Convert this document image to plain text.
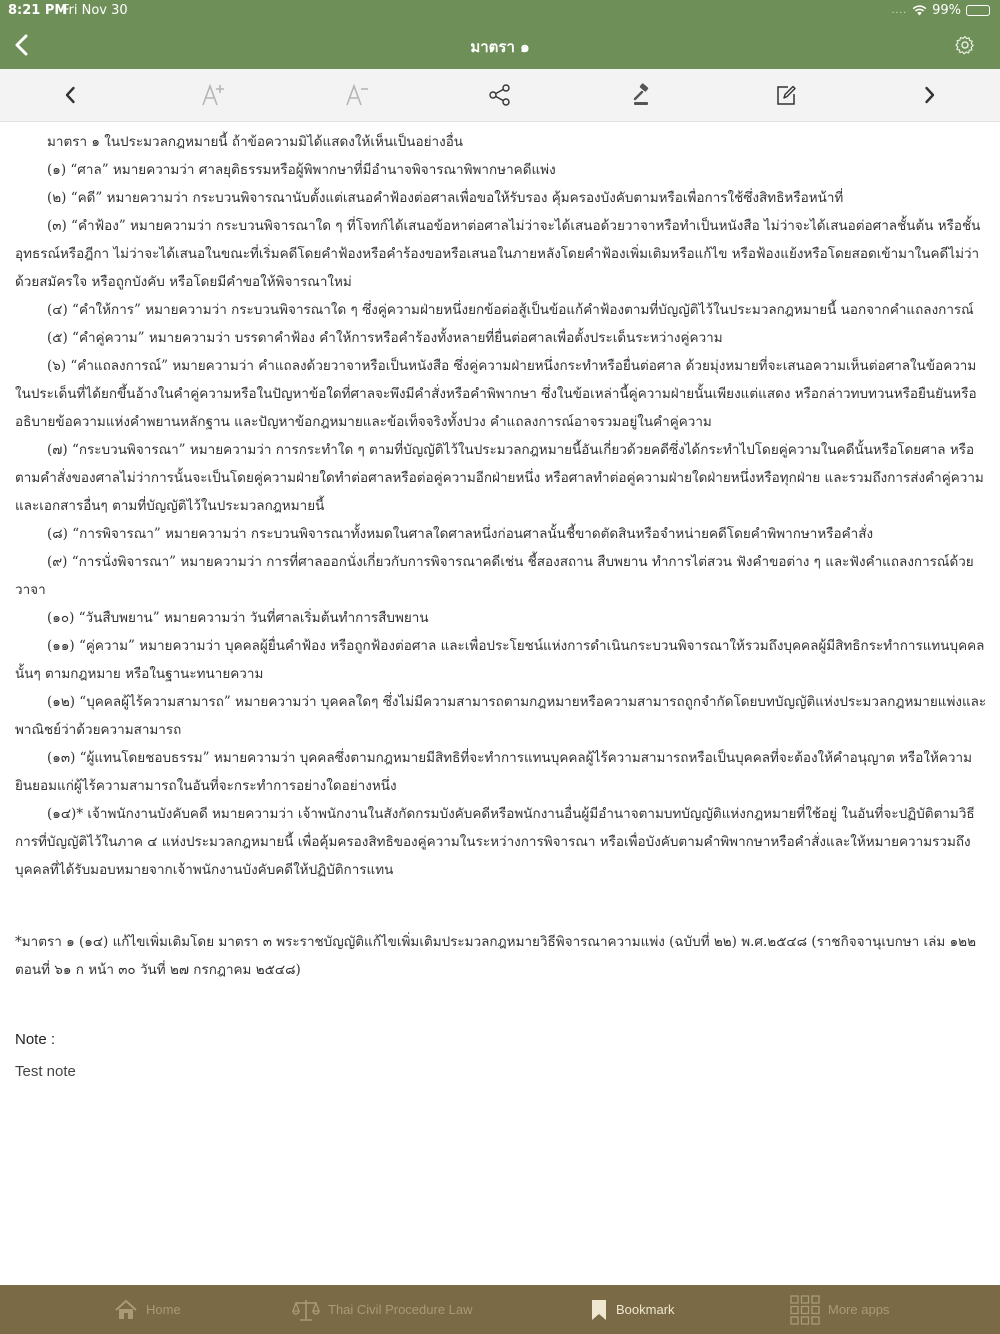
8:21 PM
Fri Nov 30	.... 99%
มาตรา ๑
มาตรา ๑ ในประมวลกฎหมายนี้ ถ้าข้อความมิได้แสดงให้เห็นเป็นอย่างอื่น
(๑) “ศาล” หมายความว่า ศาลยุติธรรมหรือผู้พิพากษาที่มีอำนาจพิจารณาพิพากษาคดีแพ่ง
(๒) “คดี” หมายความว่า กระบวนพิจารณานับตั้งแต่เสนอคำฟ้องต่อศาลเพื่อขอให้รับรอง คุ้มครองบังคับตามหรือเพื่อการใช้ซึ่งสิทธิหรือหน้าที่
(๓) “คำฟ้อง” หมายความว่า กระบวนพิจารณาใด ๆ ที่โจทก์ได้เสนอข้อหาต่อศาลไม่ว่าจะได้เสนอด้วยวาจาหรือทำเป็นหนังสือ ไม่ว่าจะได้เสนอต่อศาลชั้นต้น หรือชั้นอุทธรณ์หรือฎีกา ไม่ว่าจะได้เสนอในขณะที่เริ่มคดีโดยคำฟ้องหรือคำร้องขอหรือเสนอในภายหลังโดยคำฟ้องเพิ่มเติมหรือแก้ไข หรือฟ้องแย้งหรือโดยสอดเข้ามาในคดีไม่ว่าด้วยสมัครใจ หรือถูกบังคับ หรือโดยมีคำขอให้พิจารณาใหม่
(๔) “คำให้การ” หมายความว่า กระบวนพิจารณาใด ๆ ซึ่งคู่ความฝ่ายหนึ่งยกข้อต่อสู้เป็นข้อแก้คำฟ้องตามที่บัญญัติไว้ในประมวลกฎหมายนี้ นอกจากคำแถลงการณ์
(๕) “คำคู่ความ” หมายความว่า บรรดาคำฟ้อง คำให้การหรือคำร้องทั้งหลายที่ยื่นต่อศาลเพื่อตั้งประเด็นระหว่างคู่ความ
(๖) “คำแถลงการณ์” หมายความว่า คำแถลงด้วยวาจาหรือเป็นหนังสือ ซึ่งคู่ความฝ่ายหนึ่งกระทำหรือยื่นต่อศาล ด้วยมุ่งหมายที่จะเสนอความเห็นต่อศาลในข้อความในประเด็นที่ได้ยกขึ้นอ้างในคำคู่ความหรือในปัญหาข้อใดที่ศาลจะพึงมีคำสั่งหรือคำพิพากษา ซึ่งในข้อเหล่านี้คู่ความฝ่ายนั้นเพียงแต่แสดง หรือกล่าวทบทวนหรือยืนยันหรืออธิบายข้อความแห่งคำพยานหลักฐาน และปัญหาข้อกฎหมายและข้อเท็จจริงทั้งปวง คำแถลงการณ์อาจรวมอยู่ในคำคู่ความ
(๗) “กระบวนพิจารณา” หมายความว่า การกระทำใด ๆ ตามที่บัญญัติไว้ในประมวลกฎหมายนี้อันเกี่ยวด้วยคดีซึ่งได้กระทำไปโดยคู่ความในคดีนั้นหรือโดยศาล หรือตามคำสั่งของศาลไม่ว่าการนั้นจะเป็นโดยคู่ความฝ่ายใดทำต่อศาลหรือต่อคู่ความอีกฝ่ายหนึ่ง หรือศาลทำต่อคู่ความฝ่ายใดฝ่ายหนึ่งหรือทุกฝ่าย และรวมถึงการส่งคำคู่ความและเอกสารอื่นๆ ตามที่บัญญัติไว้ในประมวลกฎหมายนี้
(๘) “การพิจารณา” หมายความว่า กระบวนพิจารณาทั้งหมดในศาลใดศาลหนึ่งก่อนศาลนั้นชี้ขาดตัดสินหรือจำหน่ายคดีโดยคำพิพากษาหรือคำสั่ง
(๙) “การนั่งพิจารณา” หมายความว่า การที่ศาลออกนั่งเกี่ยวกับการพิจารณาคดีเช่น ชี้สองสถาน สืบพยาน ทำการไต่สวน ฟังคำขอต่าง ๆ และฟังคำแถลงการณ์ด้วยวาจา
(๑๐) “วันสืบพยาน” หมายความว่า วันที่ศาลเริ่มต้นทำการสืบพยาน
(๑๑) “คู่ความ” หมายความว่า บุคคลผู้ยื่นคำฟ้อง หรือถูกฟ้องต่อศาล และเพื่อประโยชน์แห่งการดำเนินกระบวนพิจารณาให้รวมถึงบุคคลผู้มีสิทธิกระทำการแทนบุคคลนั้นๆ ตามกฎหมาย หรือในฐานะทนายความ
(๑๒) “บุคคลผู้ไร้ความสามารถ” หมายความว่า บุคคลใดๆ ซึ่งไม่มีความสามารถตามกฎหมายหรือความสามารถถูกจำกัดโดยบทบัญญัติแห่งประมวลกฎหมายแพ่งและพาณิชย์ว่าด้วยความสามารถ
(๑๓) “ผู้แทนโดยชอบธรรม” หมายความว่า บุคคลซึ่งตามกฎหมายมีสิทธิที่จะทำการแทนบุคคลผู้ไร้ความสามารถหรือเป็นบุคคลที่จะต้องให้คำอนุญาต หรือให้ความยินยอมแก่ผู้ไร้ความสามารถในอันที่จะกระทำการอย่างใดอย่างหนึ่ง
(๑๔)* เจ้าพนักงานบังคับคดี หมายความว่า เจ้าพนักงานในสังกัดกรมบังคับคดีหรือพนักงานอื่นผู้มีอำนาจตามบทบัญญัติแห่งกฎหมายที่ใช้อยู่ ในอันที่จะปฏิบัติตามวิธีการที่บัญญัติไว้ในภาค ๔ แห่งประมวลกฎหมายนี้ เพื่อคุ้มครองสิทธิของคู่ความในระหว่างการพิจารณา หรือเพื่อบังคับตามคำพิพากษาหรือคำสั่งและให้หมายความรวมถึงบุคคลที่ได้รับมอบหมายจากเจ้าพนักงานบังคับคดีให้ปฏิบัติการแทน
*มาตรา ๑ (๑๔) แก้ไขเพิ่มเติมโดย มาตรา ๓ พระราชบัญญัติแก้ไขเพิ่มเติมประมวลกฎหมายวิธีพิจารณาความแพ่ง (ฉบับที่ ๒๒) พ.ศ.๒๕๔๘ (ราชกิจจานุเบกษา เล่ม ๑๒๒ ตอนที่ ๖๑ ก หน้า ๓๐ วันที่ ๒๗ กรกฎาคม ๒๕๔๘)
Note :
Test note
Home	Thai Civil Procedure Law	Bookmark	More apps
